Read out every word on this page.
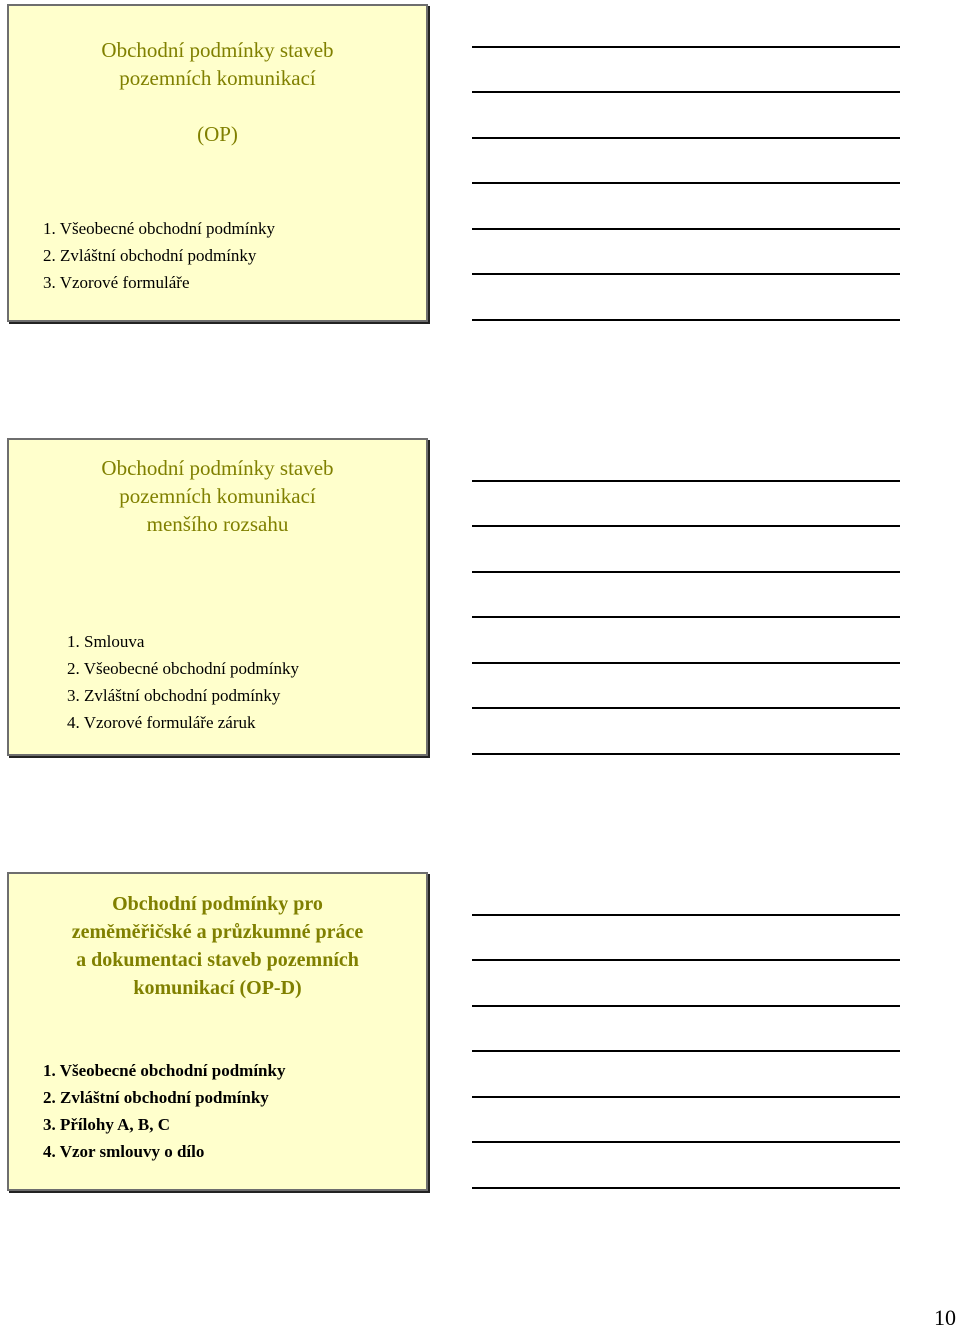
Obchodní podmínky staveb
pozemních komunikací
(OP)
1. Všeobecné obchodní podmínky
2. Zvláštní obchodní podmínky
3. Vzorové formuláře
Obchodní podmínky staveb
pozemních komunikací
menšího rozsahu
1. Smlouva
2. Všeobecné obchodní podmínky
3. Zvláštní obchodní podmínky
4. Vzorové formuláře záruk
Obchodní podmínky pro
zeměměřičské a průzkumné práce
a dokumentaci staveb pozemních
komunikací (OP-D)
1. Všeobecné obchodní podmínky
2. Zvláštní obchodní podmínky
3. Přílohy A, B, C
4. Vzor smlouvy o dílo
10
